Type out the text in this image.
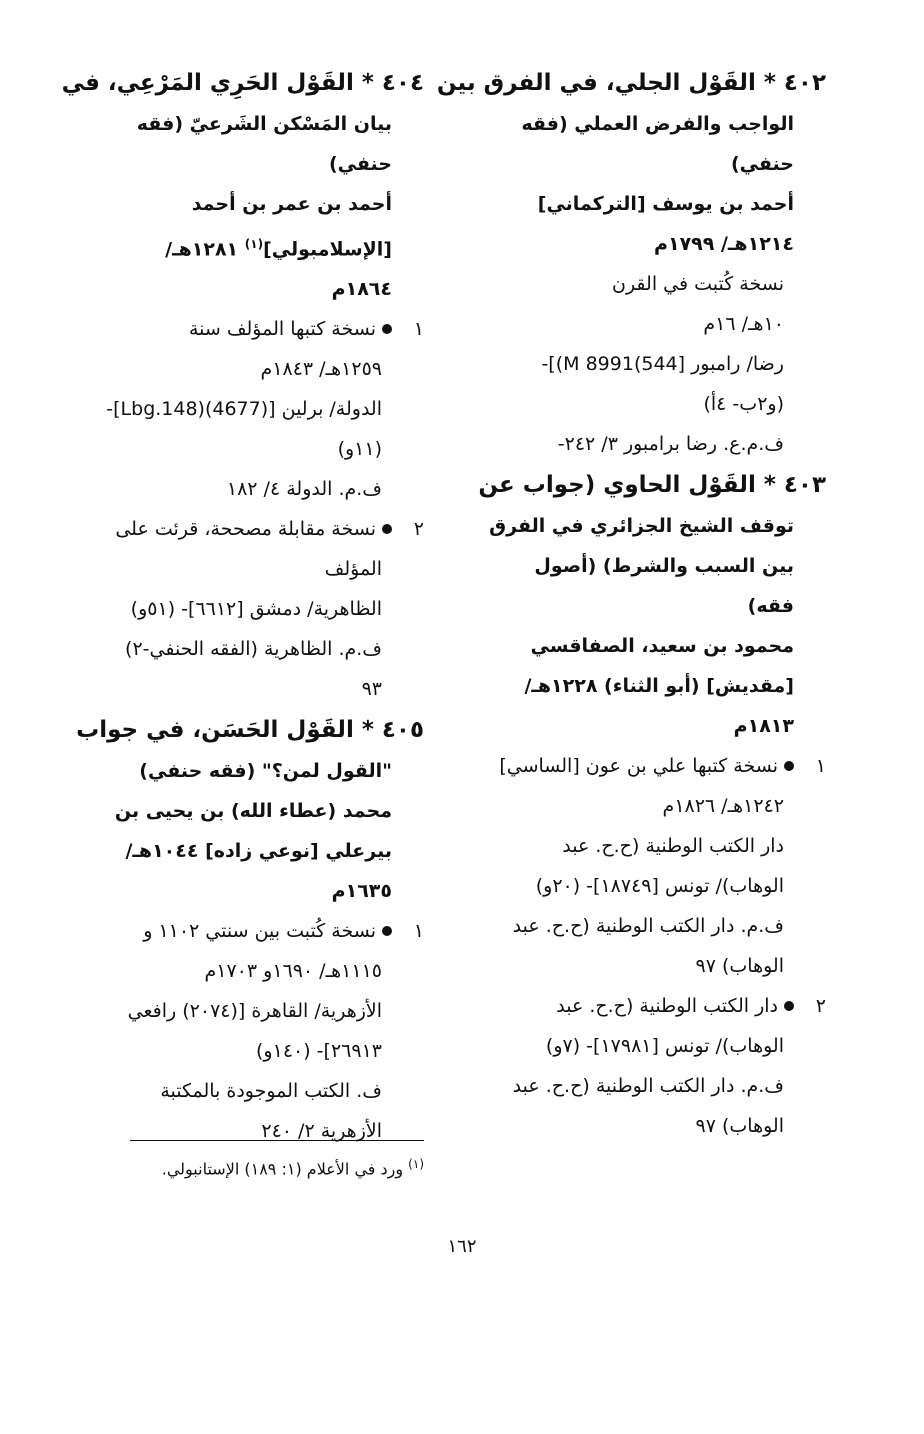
٤٠٢ * القَوْل الجلي، في الفرق بين
الواجب والفرض العملي (فقه
حنفي)
أحمد بن يوسف [التركماني]
١٢١٤هـ/ ١٧٩٩م
نسخة كُتبت في القرن
١٠هـ/ ١٦م
رضا/ رامبور [544)8991 M)]-
(و٢ب- ٤أ)
ف.م.ع. رضا برامبور ٣/ ٢٤٢-
٤٠٣ * القَوْل الحاوي (جواب عن
توقف الشيخ الجزائري في الفرق
بين السبب والشرط) (أصول
فقه)
محمود بن سعيد، الصفاقسي
[مقديش] (أبو الثناء) ١٢٢٨هـ/
١٨١٣م
١نسخة كتبها علي بن عون [الساسي]
١٢٤٢هـ/ ١٨٢٦م
دار الكتب الوطنية (ح.ح. عبد
الوهاب)/ تونس [١٨٧٤٩]- (٢٠و)
ف.م. دار الكتب الوطنية (ح.ح. عبد
الوهاب) ٩٧
٢دار الكتب الوطنية (ح.ح. عبد
الوهاب)/ تونس [١٧٩٨١]- (٧و)
ف.م. دار الكتب الوطنية (ح.ح. عبد
الوهاب) ٩٧
٤٠٤ * القَوْل الحَرِي المَرْعِي، في
بيان المَسْكن الشَرعيّ (فقه
حنفي)
أحمد بن عمر بن أحمد
[الإسلامبولي]$^{(١)}$ ١٢٨١هـ/
١٨٦٤م
١نسخة كتبها المؤلف سنة
١٢٥٩هـ/ ١٨٤٣م
الدولة/ برلين [Lbg.148)(4677)]-
(١١و)
ف.م. الدولة ٤/ ١٨٢
٢نسخة مقابلة مصححة، قرئت على
المؤلف
الظاهرية/ دمشق [٦٦١٢]- (٥١و)
ف.م. الظاهرية (الفقه الحنفي-٢)
٩٣
٤٠٥ * القَوْل الحَسَن، في جواب
"القول لمن؟" (فقه حنفي)
محمد (عطاء الله) بن يحيى بن
بيرعلي [نوعي زاده] ١٠٤٤هـ/
١٦٣٥م
١نسخة كُتبت بين سنتي ١١٠٢ و
١١١٥هـ/ ١٦٩٠و ١٧٠٣م
الأزهرية/ القاهرة [(٢٠٧٤) رافعي
٢٦٩١٣]- (١٤٠و)
ف. الكتب الموجودة بالمكتبة
الأزهرية ٢/ ٢٤٠
$^{(١)}$ ورد في الأعلام (١: ١٨٩) الإستانبولي.
١٦٢
